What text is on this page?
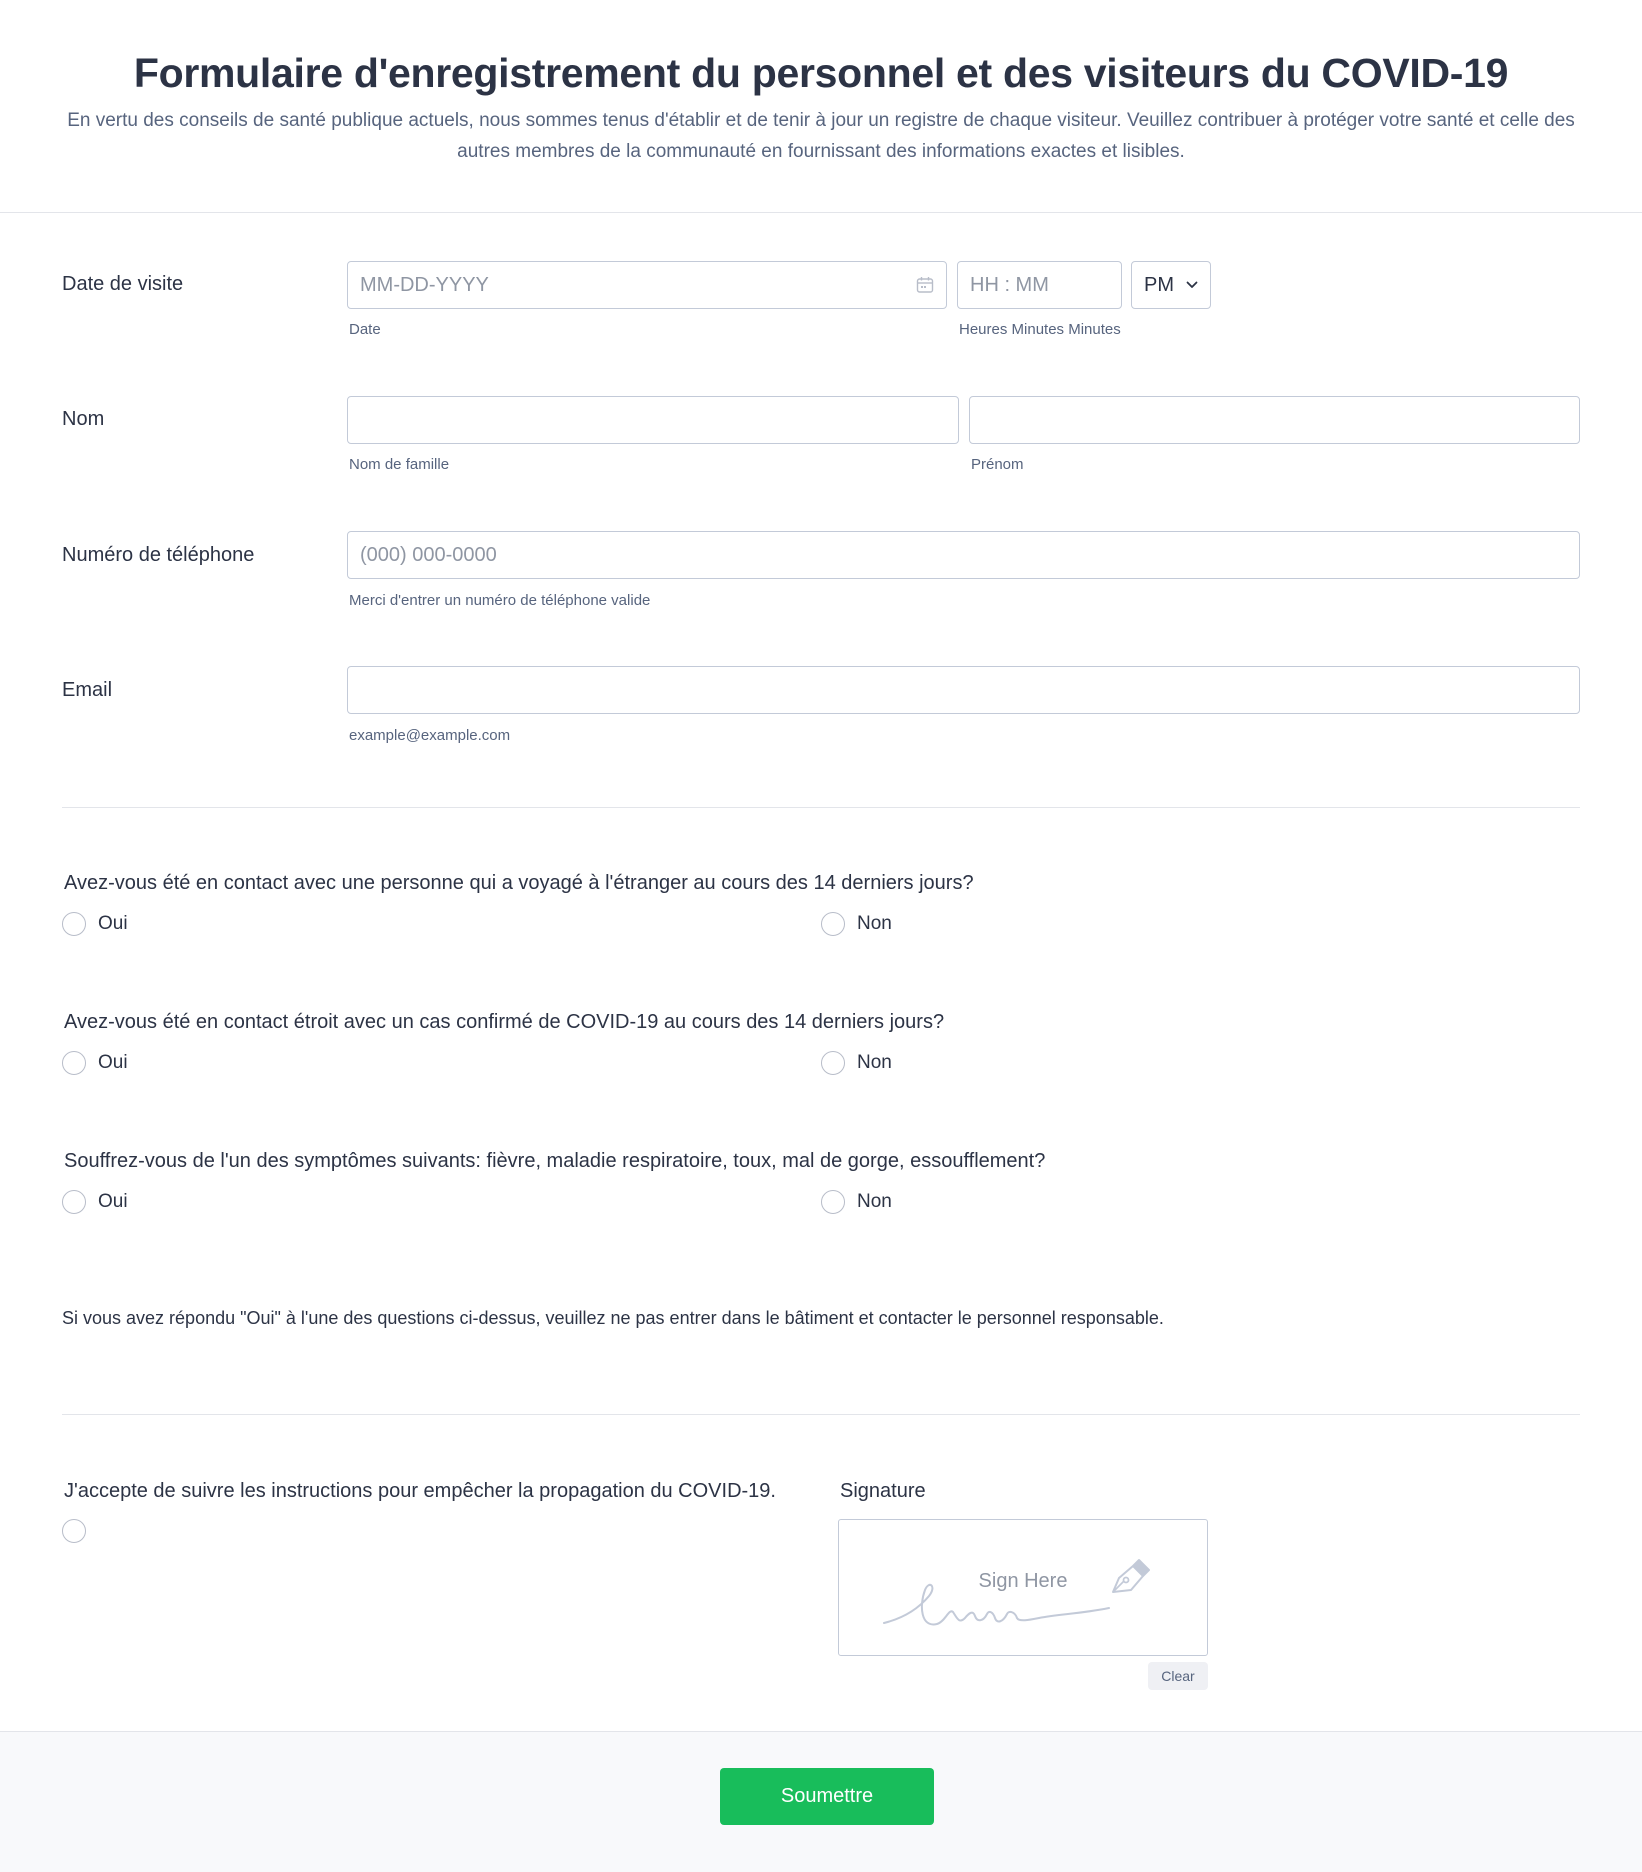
Formulaire d'enregistrement du personnel et des visiteurs du COVID-19
En vertu des conseils de santé publique actuels, nous sommes tenus d'établir et de tenir à jour un registre de chaque visiteur. Veuillez contribuer à protéger votre santé et celle des autres membres de la communauté en fournissant des informations exactes et lisibles.
Date de visite	MM-DD-YYYY
Date
HH : MM
Heures Minutes Minutes
PM
Nom
Nom de famille	Prénom
Numéro de téléphone	(000) 000-0000
Merci d'entrer un numéro de téléphone valide
Email
example@example.com
Avez-vous été en contact avec une personne qui a voyagé à l'étranger au cours des 14 derniers jours?
Oui	Non
Avez-vous été en contact étroit avec un cas confirmé de COVID-19 au cours des 14 derniers jours?
Oui	Non
Souffrez-vous de l'un des symptômes suivants: fièvre, maladie respiratoire, toux, mal de gorge, essoufflement?
Oui	Non
Si vous avez répondu "Oui" à l'une des questions ci-dessus, veuillez ne pas entrer dans le bâtiment et contacter le personnel responsable.
J'accepte de suivre les instructions pour empêcher la propagation du COVID-19.	Signature
Sign Here
Clear
Soumettre
